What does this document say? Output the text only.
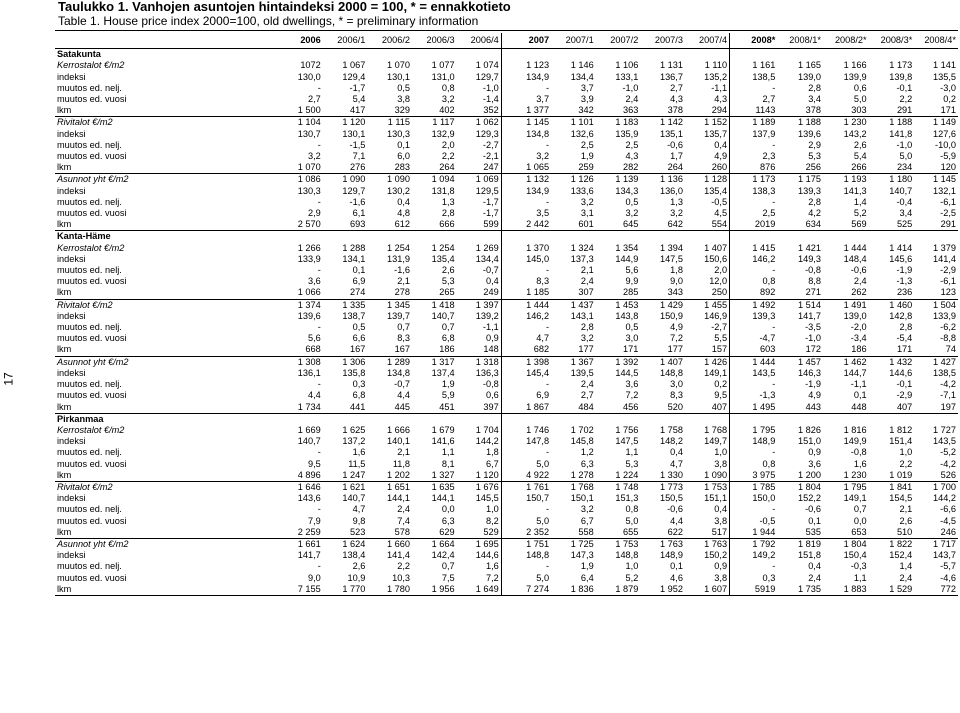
17
Taulukko 1. Vanhojen asuntojen hintaindeksi 2000 = 100, * = ennakkotieto
Table 1. House price index 2000=100, old dwellings, * = preliminary information
	2006	2006/1	2006/2	2006/3	2006/4	2007	2007/1	2007/2	2007/3	2007/4	2008*	2008/1*	2008/2*	2008/3*	2008/4*
Satakunta															
Kerrostalot €/m2	1072	1 067	1 070	1 077	1 074	1 123	1 146	1 106	1 131	1 110	1 161	1 165	1 166	1 173	1 141
indeksi	130,0	129,4	130,1	131,0	129,7	134,9	134,4	133,1	136,7	135,2	138,5	139,0	139,9	139,8	135,5
muutos ed. nelj.	-	-1,7	0,5	0,8	-1,0	-	3,7	-1,0	2,7	-1,1	-	2,8	0,6	-0,1	-3,0
muutos ed. vuosi	2,7	5,4	3,8	3,2	-1,4	3,7	3,9	2,4	4,3	4,3	2,7	3,4	5,0	2,2	0,2
lkm	1 500	417	329	402	352	1 377	342	363	378	294	1143	378	303	291	171
Rivitalot €/m2	1 104	1 120	1 115	1 117	1 062	1 145	1 101	1 183	1 142	1 152	1 189	1 188	1 230	1 188	1 149
indeksi	130,7	130,1	130,3	132,9	129,3	134,8	132,6	135,9	135,1	135,7	137,9	139,6	143,2	141,8	127,6
muutos ed. nelj.	-	-1,5	0,1	2,0	-2,7	-	2,5	2,5	-0,6	0,4	-	2,9	2,6	-1,0	-10,0
muutos ed. vuosi	3,2	7,1	6,0	2,2	-2,1	3,2	1,9	4,3	1,7	4,9	2,3	5,3	5,4	5,0	-5,9
lkm	1 070	276	283	264	247	1 065	259	282	264	260	876	256	266	234	120
Asunnot yht €/m2	1 086	1 090	1 090	1 094	1 069	1 132	1 126	1 139	1 136	1 128	1 173	1 175	1 193	1 180	1 145
indeksi	130,3	129,7	130,2	131,8	129,5	134,9	133,6	134,3	136,0	135,4	138,3	139,3	141,3	140,7	132,1
muutos ed. nelj.	-	-1,6	0,4	1,3	-1,7	-	3,2	0,5	1,3	-0,5	-	2,8	1,4	-0,4	-6,1
muutos ed. vuosi	2,9	6,1	4,8	2,8	-1,7	3,5	3,1	3,2	3,2	4,5	2,5	4,2	5,2	3,4	-2,5
lkm	2 570	693	612	666	599	2 442	601	645	642	554	2019	634	569	525	291
Kanta-Häme															
Kerrostalot €/m2	1 266	1 288	1 254	1 254	1 269	1 370	1 324	1 354	1 394	1 407	1 415	1 421	1 444	1 414	1 379
indeksi	133,9	134,1	131,9	135,4	134,4	145,0	137,3	144,9	147,5	150,6	146,2	149,3	148,4	145,6	141,4
muutos ed. nelj.	-	0,1	-1,6	2,6	-0,7	-	2,1	5,6	1,8	2,0	-	-0,8	-0,6	-1,9	-2,9
muutos ed. vuosi	3,6	6,9	2,1	5,3	0,4	8,3	2,4	9,9	9,0	12,0	0,8	8,8	2,4	-1,3	-6,1
lkm	1 066	274	278	265	249	1 185	307	285	343	250	892	271	262	236	123
Rivitalot €/m2	1 374	1 335	1 345	1 418	1 397	1 444	1 437	1 453	1 429	1 455	1 492	1 514	1 491	1 460	1 504
indeksi	139,6	138,7	139,7	140,7	139,2	146,2	143,1	143,8	150,9	146,9	139,3	141,7	139,0	142,8	133,9
muutos ed. nelj.	-	0,5	0,7	0,7	-1,1	-	2,8	0,5	4,9	-2,7	-	-3,5	-2,0	2,8	-6,2
muutos ed. vuosi	5,6	6,6	8,3	6,8	0,9	4,7	3,2	3,0	7,2	5,5	-4,7	-1,0	-3,4	-5,4	-8,8
lkm	668	167	167	186	148	682	177	171	177	157	603	172	186	171	74
Asunnot yht €/m2	1 308	1 306	1 289	1 317	1 318	1 398	1 367	1 392	1 407	1 426	1 444	1 457	1 462	1 432	1 427
indeksi	136,1	135,8	134,8	137,4	136,3	145,4	139,5	144,5	148,8	149,1	143,5	146,3	144,7	144,6	138,5
muutos ed. nelj.	-	0,3	-0,7	1,9	-0,8	-	2,4	3,6	3,0	0,2	-	-1,9	-1,1	-0,1	-4,2
muutos ed. vuosi	4,4	6,8	4,4	5,9	0,6	6,9	2,7	7,2	8,3	9,5	-1,3	4,9	0,1	-2,9	-7,1
lkm	1 734	441	445	451	397	1 867	484	456	520	407	1 495	443	448	407	197
Pirkanmaa															
Kerrostalot €/m2	1 669	1 625	1 666	1 679	1 704	1 746	1 702	1 756	1 758	1 768	1 795	1 826	1 816	1 812	1 727
indeksi	140,7	137,2	140,1	141,6	144,2	147,8	145,8	147,5	148,2	149,7	148,9	151,0	149,9	151,4	143,5
muutos ed. nelj.	-	1,6	2,1	1,1	1,8	-	1,2	1,1	0,4	1,0	-	0,9	-0,8	1,0	-5,2
muutos ed. vuosi	9,5	11,5	11,8	8,1	6,7	5,0	6,3	5,3	4,7	3,8	0,8	3,6	1,6	2,2	-4,2
lkm	4 896	1 247	1 202	1 327	1 120	4 922	1 278	1 224	1 330	1 090	3 975	1 200	1 230	1 019	526
Rivitalot €/m2	1 646	1 621	1 651	1 635	1 676	1 761	1 768	1 748	1 773	1 753	1 785	1 804	1 795	1 841	1 700
indeksi	143,6	140,7	144,1	144,1	145,5	150,7	150,1	151,3	150,5	151,1	150,0	152,2	149,1	154,5	144,2
muutos ed. nelj.	-	4,7	2,4	0,0	1,0	-	3,2	0,8	-0,6	0,4	-	-0,6	0,7	2,1	-6,6
muutos ed. vuosi	7,9	9,8	7,4	6,3	8,2	5,0	6,7	5,0	4,4	3,8	-0,5	0,1	0,0	2,6	-4,5
lkm	2 259	523	578	629	529	2 352	558	655	622	517	1 944	535	653	510	246
Asunnot yht €/m2	1 661	1 624	1 660	1 664	1 695	1 751	1 725	1 753	1 763	1 763	1 792	1 819	1 804	1 822	1 717
indeksi	141,7	138,4	141,4	142,4	144,6	148,8	147,3	148,8	148,9	150,2	149,2	151,8	150,4	152,4	143,7
muutos ed. nelj.	-	2,6	2,2	0,7	1,6	-	1,9	1,0	0,1	0,9	-	0,4	-0,3	1,4	-5,7
muutos ed. vuosi	9,0	10,9	10,3	7,5	7,2	5,0	6,4	5,2	4,6	3,8	0,3	2,4	1,1	2,4	-4,6
lkm	7 155	1 770	1 780	1 956	1 649	7 274	1 836	1 879	1 952	1 607	5919	1 735	1 883	1 529	772
